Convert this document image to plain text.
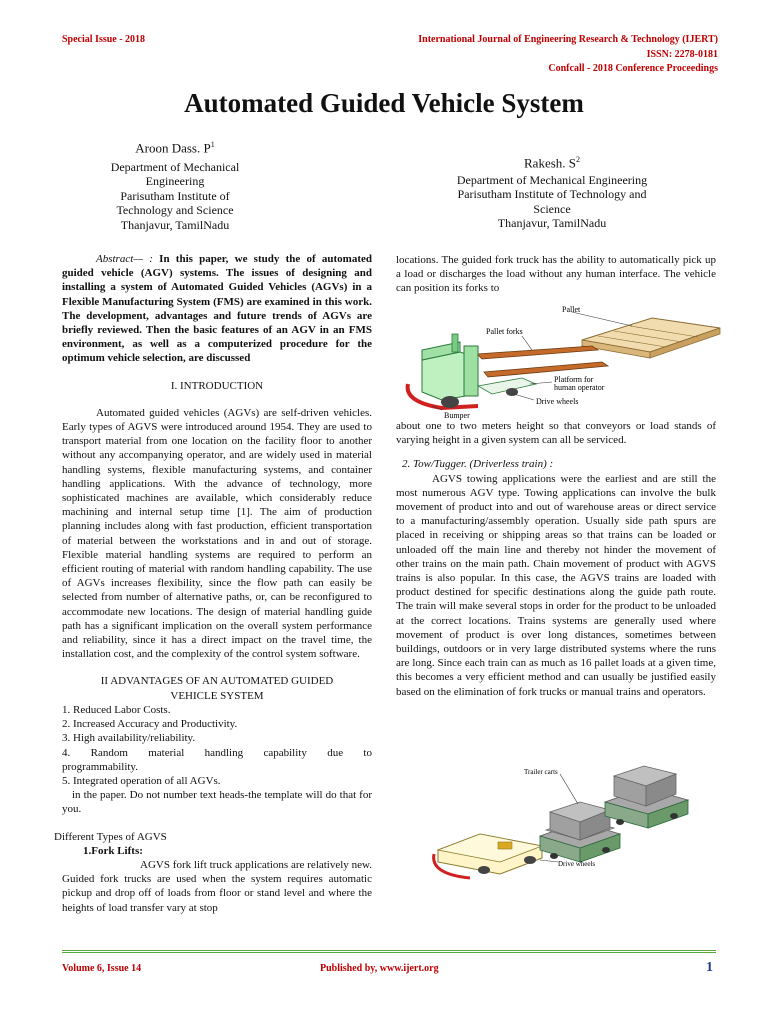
Special Issue - 2018	International Journal of Engineering Research & Technology (IJERT)
ISSN: 2278-0181
Confcall - 2018 Conference Proceedings
Automated Guided Vehicle System
Aroon Dass. $P^1$
Department of Mechanical
Engineering
Parisutham Institute of
Technology and Science
Thanjavur, TamilNadu
Rakesh. $S^2$
Department of Mechanical Engineering
Parisutham Institute of Technology and
Science
Thanjavur, TamilNadu

Abstract— : In this paper, we study the of automated guided vehicle (AGV) systems. The issues of designing and installing a system of Automated Guided Vehicles (AGVs) in a Flexible Manufacturing System (FMS) are examined in this work. The development, advantages and future trends of AGVs are briefly reviewed. Then the basic features of an AGV in an FMS environment, as well as a computerized procedure for the optimum vehicle selection, are discussed

I. INTRODUCTION

Automated guided vehicles (AGVs) are self-driven vehicles. Early types of AGVS were introduced around 1954. They are used to transport material from one location on the facility floor to another without any accompanying operator, and are widely used in material handling systems, flexible manufacturing systems, and container handling applications. With the advance of technology, more sophisticated machines are available, which considerably reduce machining and internal setup time [1]. The aim of production planning includes along with fast production, efficient transportation of material between the workstations and in and out of storage. Flexible material handling systems are required to perform an efficient routing of material with random handling capability. The use of AGVs increases flexibility, since the flow path can easily be selected from number of alternative paths, or, can be reconfigured to accommodate new locations. The design of material handling guide path has a significant implication on the overall system performance and reliability, since it has a direct impact on the travel time, the installation cost, and the complexity of the control system software.

II ADVANTAGES OF AN AUTOMATED GUIDED

VEHICLE SYSTEM

1. Reduced Labor Costs.

2. Increased Accuracy and Productivity.

3. High availability/reliability.

4.   Random   material   handling   capability   due   to programmability.

5. Integrated operation of all AGVs.

in the paper. Do not number text heads-the template will do that for you.

Different Types of AGVS

1.Fork Lifts:

AGVS fork lift truck applications are relatively new. Guided fork trucks are used when the system requires automatic pickup and drop off of loads from floor or stand level and where the heights of load transfer vary at stop

locations. The guided fork truck has the ability to automatically pick up a load or discharges the load without any human interface. The vehicle can position its forks to

Pallet
Pallet forks
Platform for
human operator
Drive wheels
Bumper

about one to two meters height so that conveyors or load stands of varying height in a given system can all be serviced.

2. Tow/Tugger. (Driverless train) :

AGVS towing applications were the earliest and are still the most numerous AGV type. Towing applications can involve the bulk movement of product into and out of warehouse areas or direct service to a manufacturing/assembly operation. Usually side path spurs are placed in receiving or shipping areas so that trains can be loaded or unloaded off the main line and thereby not hinder the movement of other trains on the main path. Chain movement of product with AGVS trains is also popular. In this case, the AGVS trains are loaded with product destined for specific destinations along the guide path route. The train will make several stops in order for the product to be unloaded at the correct locations. Trains systems are generally used where movement of product is over long distances, sometimes between buildings, outdoors or in very large distributed systems where the runs are long. Since each train can as much as 16 pallet loads at a given time, this becomes a very efficient method and can usually be justified easily based on the elimination of fork trucks or manual trains and operators.

Trailer carts
Drive wheels
Volume 6, Issue 14	Published by, www.ijert.org	1
